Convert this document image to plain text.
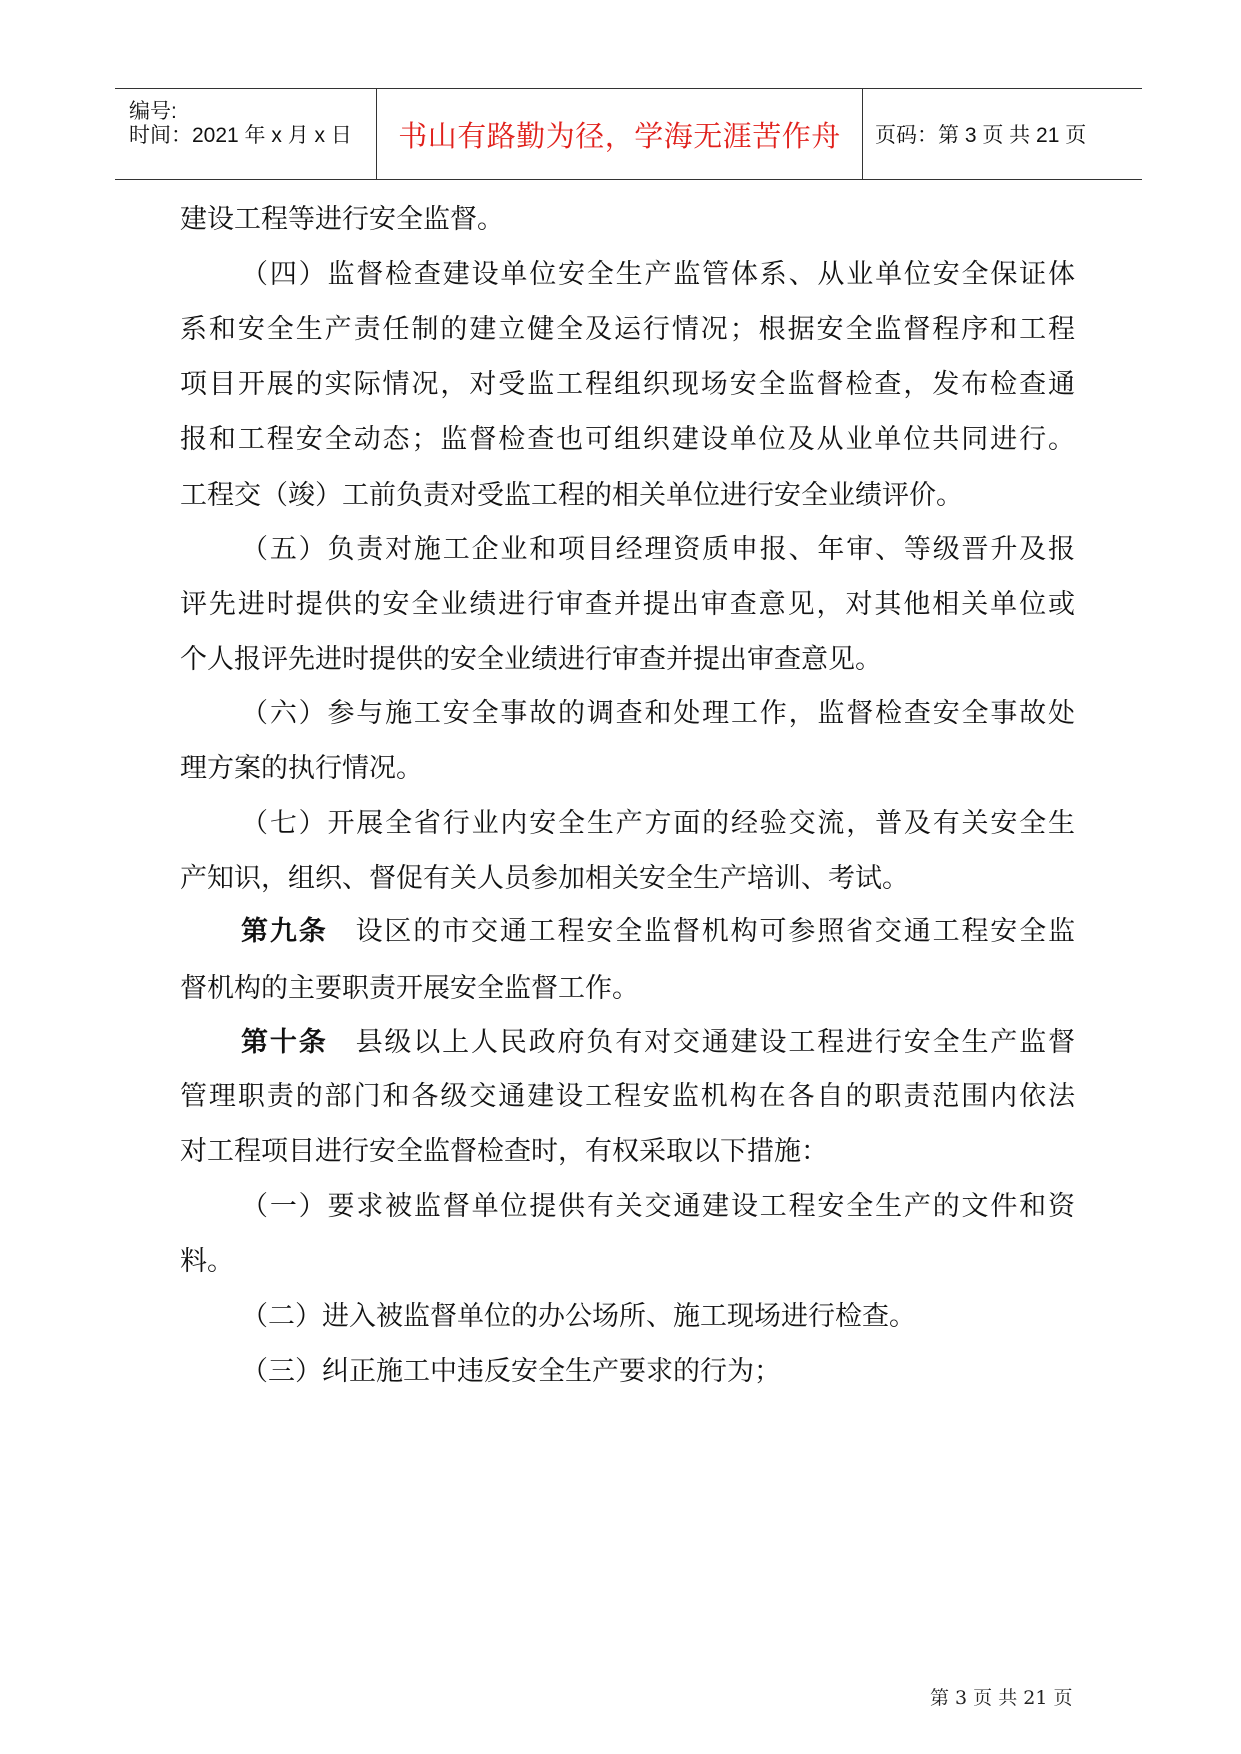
编号:
时间：2021 年 x 月 x 日 书山有路勤为径，学海无涯苦作舟 页码：第 3 页 共 21 页
建设工程等进行安全监督。
（四）监督检查建设单位安全生产监管体系、从业单位安全保证体
系和安全生产责任制的建立健全及运行情况；根据安全监督程序和工程
项目开展的实际情况，对受监工程组织现场安全监督检查，发布检查通
报和工程安全动态；监督检查也可组织建设单位及从业单位共同进行。
工程交（竣）工前负责对受监工程的相关单位进行安全业绩评价。
（五）负责对施工企业和项目经理资质申报、年审、等级晋升及报
评先进时提供的安全业绩进行审查并提出审查意见，对其他相关单位或
个人报评先进时提供的安全业绩进行审查并提出审查意见。
（六）参与施工安全事故的调查和处理工作，监督检查安全事故处
理方案的执行情况。
（七）开展全省行业内安全生产方面的经验交流，普及有关安全生
产知识，组织、督促有关人员参加相关安全生产培训、考试。
第九条 设区的市交通工程安全监督机构可参照省交通工程安全监
督机构的主要职责开展安全监督工作。
第十条 县级以上人民政府负有对交通建设工程进行安全生产监督
管理职责的部门和各级交通建设工程安监机构在各自的职责范围内依法
对工程项目进行安全监督检查时，有权采取以下措施：
（一）要求被监督单位提供有关交通建设工程安全生产的文件和资
料。
（二）进入被监督单位的办公场所、施工现场进行检查。
（三）纠正施工中违反安全生产要求的行为；
第 3 页 共 21 页
